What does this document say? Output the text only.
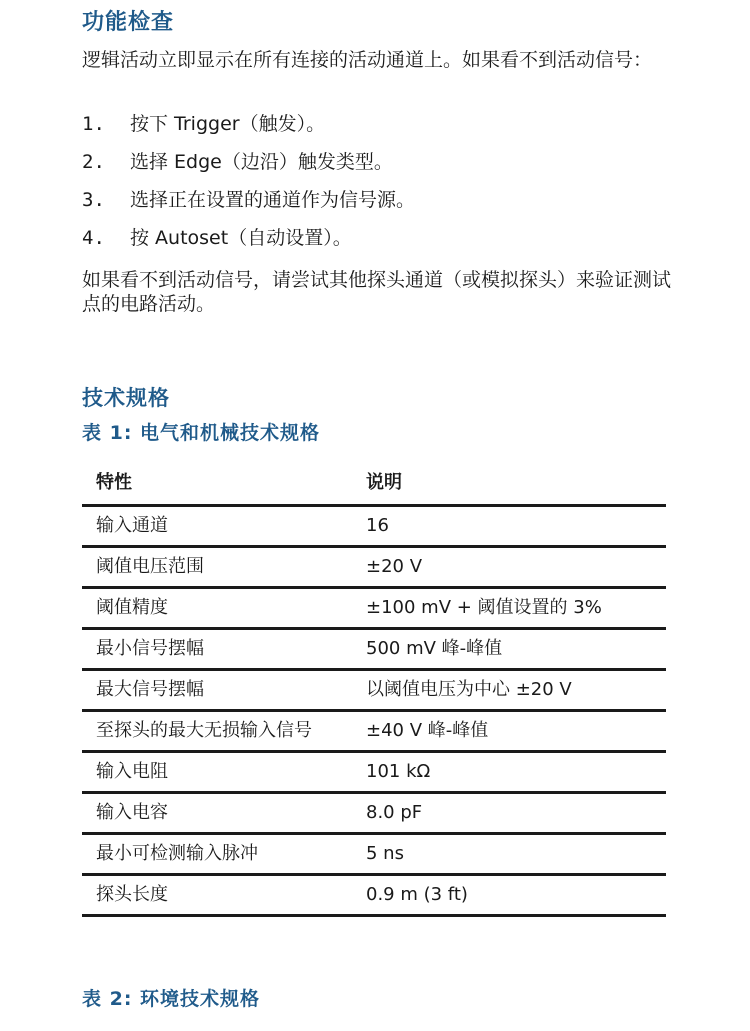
功能检查

逻辑活动立即显示在所有连接的活动通道上。如果看不到活动信号：

1.	按下 Trigger（触发）。
2.	选择 Edge（边沿）触发类型。
3.	选择正在设置的通道作为信号源。
4.	按 Autoset（自动设置）。

如果看不到活动信号，请尝试其他探头通道（或模拟探头）来验证测试点的电路活动。

技术规格
表 1: 电气和机械技术规格
特性	说明
输入通道	16
阈值电压范围	±20 V
阈值精度	±100 mV + 阈值设置的 3%
最小信号摆幅	500 mV 峰-峰值
最大信号摆幅	以阈值电压为中心 ±20 V
至探头的最大无损输入信号	±40 V 峰-峰值
输入电阻	101 kΩ
输入电容	8.0 pF
最小可检测输入脉冲	5 ns
探头长度	0.9 m (3 ft)
表 2: 环境技术规格
